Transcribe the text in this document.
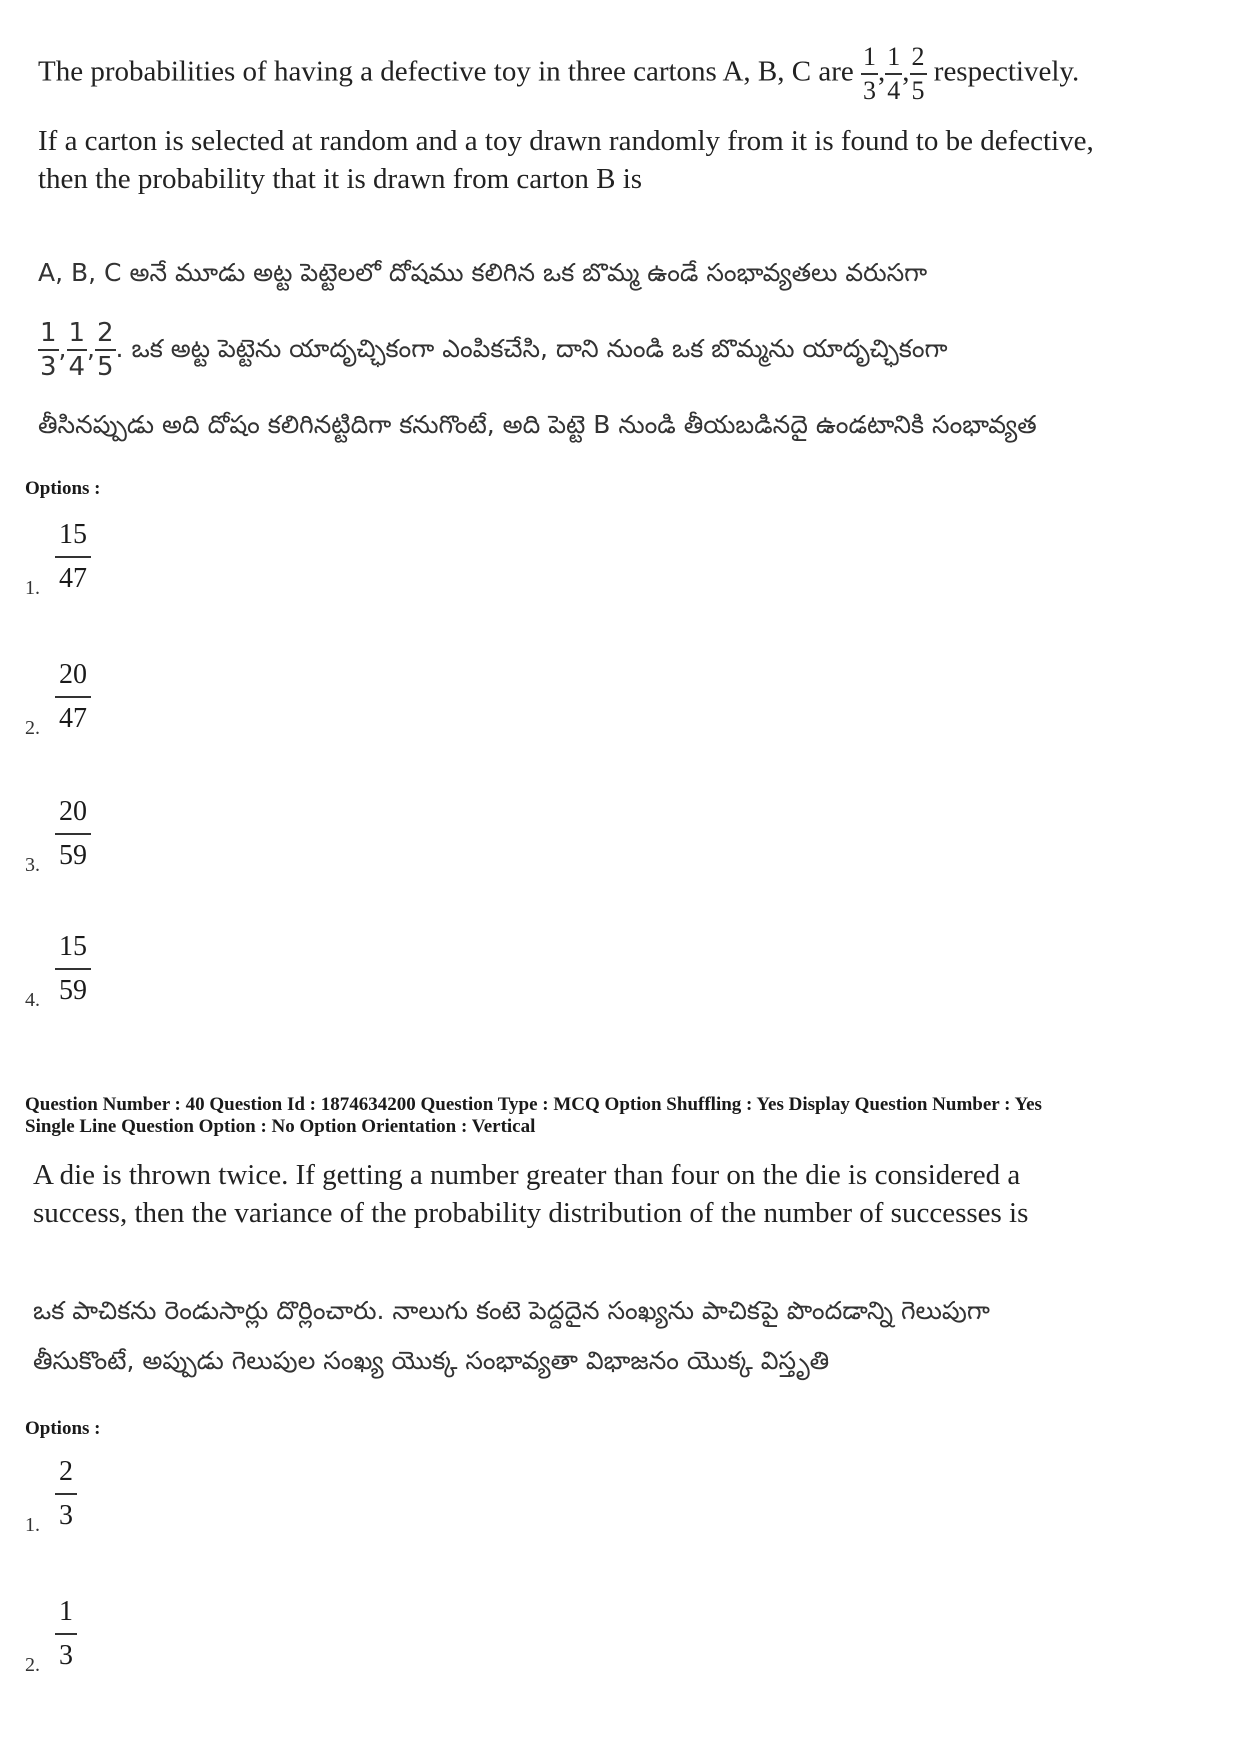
The probabilities of having a defective toy in three cartons A, B, C are $\frac{1}{3}$ , $\frac{1}{4}$ , $\frac{2}{5}$ respectively.
If a carton is selected at random and a toy drawn randomly from it is found to be defective,
then the probability that it is drawn from carton B is
A, B, C అనే మూడు అట్ట పెట్టెలలో దోషము కలిగిన ఒక బొమ్మ ఉండే సంభావ్యతలు వరుసగా
$\frac{1}{3}$ , $\frac{1}{4}$ , $\frac{2}{5}$ . ఒక అట్ట పెట్టెను యాదృచ్ఛికంగా ఎంపికచేసి, దాని నుండి ఒక బొమ్మను యాదృచ్ఛికంగా
తీసినప్పుడు అది దోషం కలిగినట్టిదిగా కనుగొంటే, అది పెట్టె B నుండి తీయబడినదై ఉండటానికి సంభావ్యత
Options :
1.
15
47
2.
20
47
3.
20
59
4.
15
59
Question Number : 40 Question Id : 1874634200 Question Type : MCQ Option Shuffling : Yes Display Question Number : Yes
Single Line Question Option : No Option Orientation : Vertical
A die is thrown twice. If getting a number greater than four on the die is considered a
success, then the variance of the probability distribution of the number of successes is
ఒక పాచికను రెండుసార్లు దొర్లించారు. నాలుగు కంటె పెద్దదైన సంఖ్యను పాచికపై పొందడాన్ని గెలుపుగా
తీసుకొంటే, అప్పుడు గెలుపుల సంఖ్య యొక్క సంభావ్యతా విభాజనం యొక్క విస్తృతి
Options :
1.
2
3
2.
1
3
